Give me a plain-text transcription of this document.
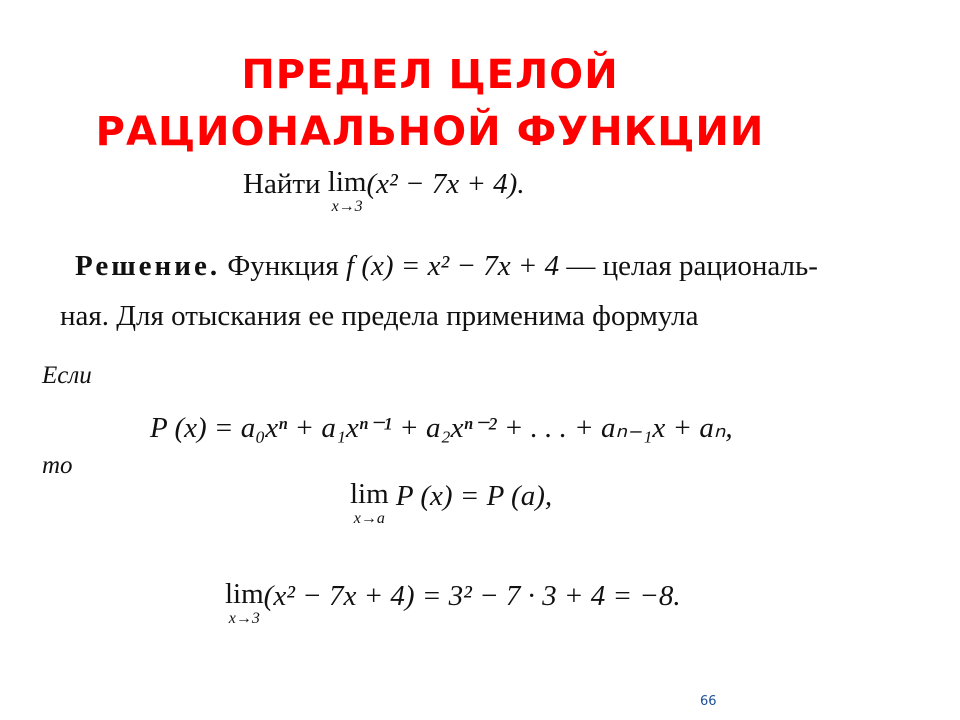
ПРЕДЕЛ ЦЕЛОЙ
РАЦИОНАЛЬНОЙ ФУНКЦИИ
Найти lim
x→3
(x² − 7x + 4).
Решение. Функция f (x) = x² − 7x + 4 — целая рациональ-
ная. Для отыскания ее предела применима формула
Если
P (x) = a₀xⁿ + a₁xⁿ⁻¹ + a₂xⁿ⁻² + . . . + aₙ₋₁x + aₙ,
то
lim
x→a
P (x) = P (a),
lim
x→3
(x² − 7x + 4) = 3² − 7 · 3 + 4 = −8.
66
